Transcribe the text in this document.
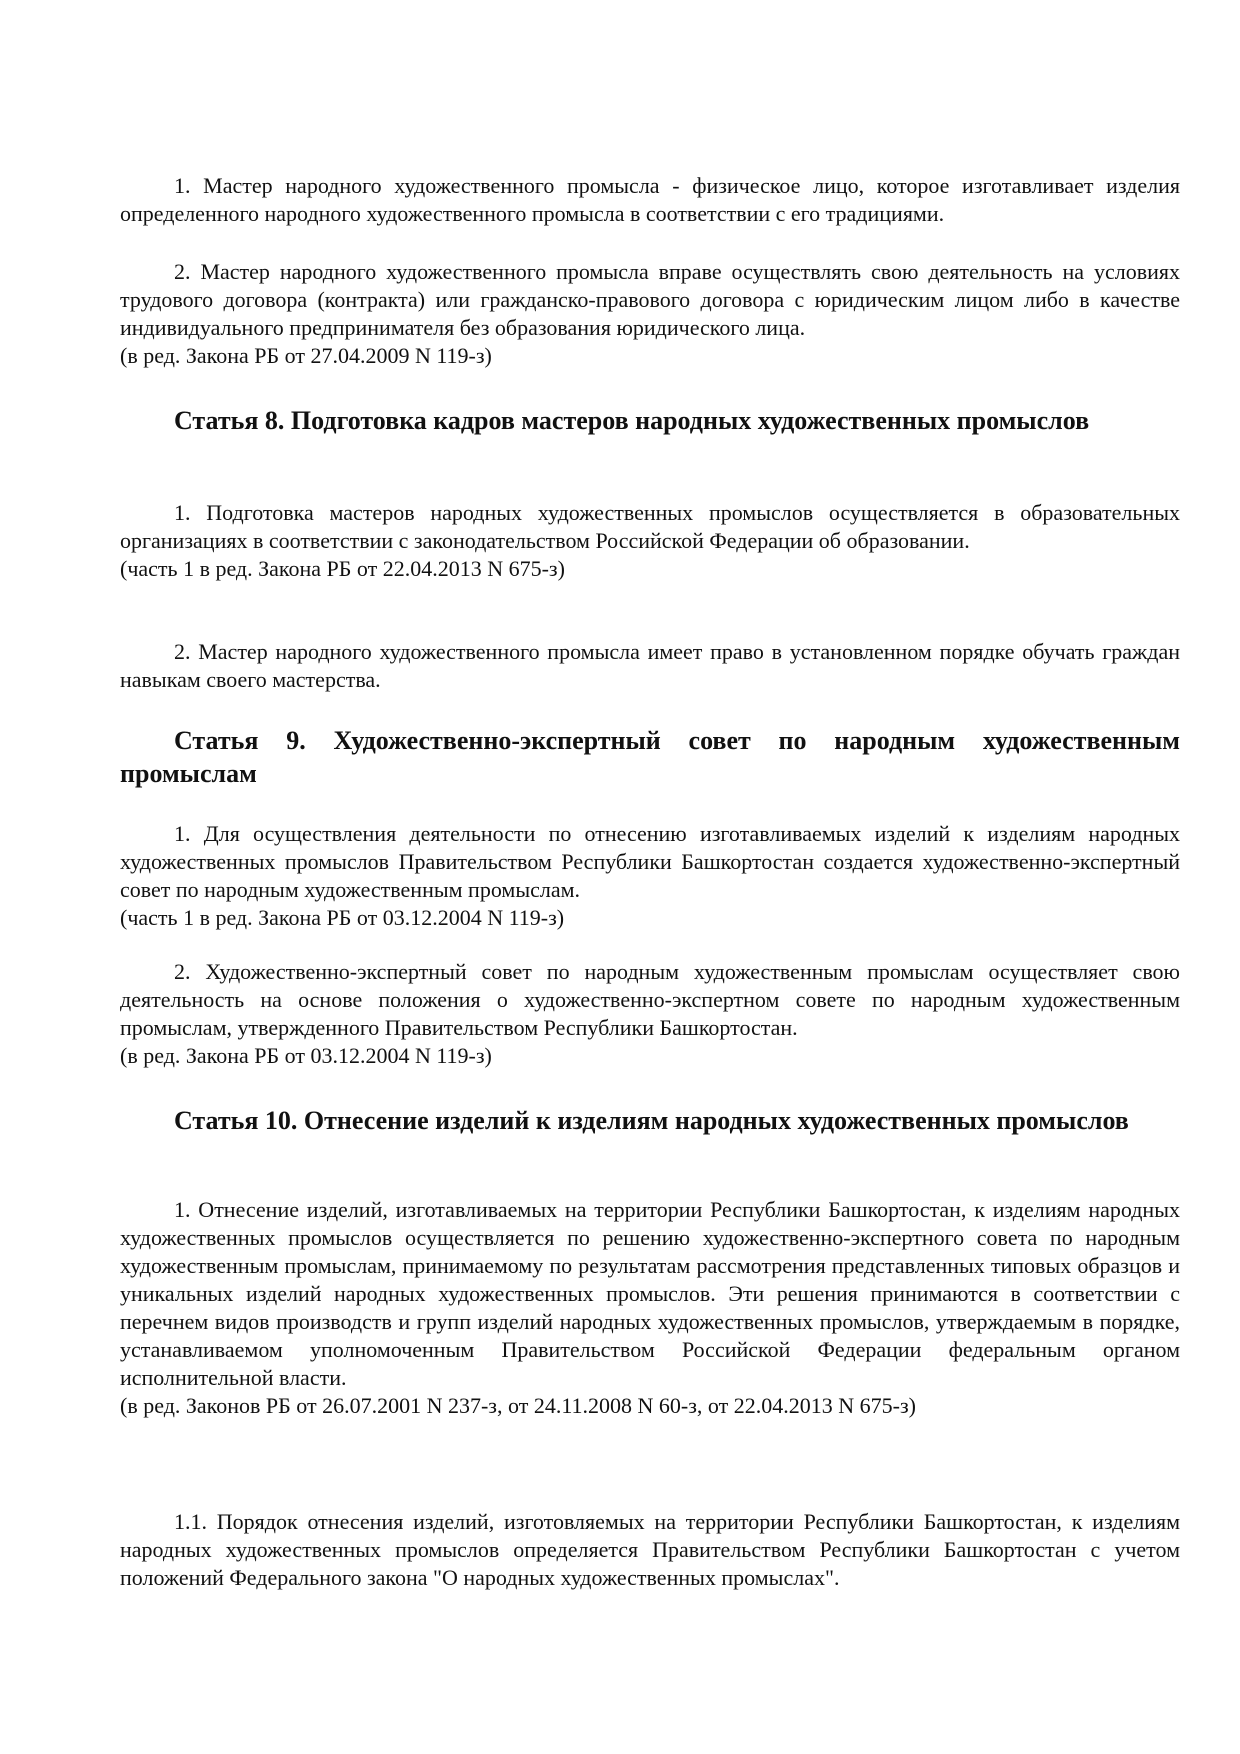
1. Мастер народного художественного промысла - физическое лицо, которое изготавливает изделия определенного народного художественного промысла в соответствии с его традициями.
2. Мастер народного художественного промысла вправе осуществлять свою деятельность на условиях трудового договора (контракта) или гражданско-правового договора с юридическим лицом либо в качестве индивидуального предпринимателя без образования юридического лица.
(в ред. Закона РБ от 27.04.2009 N 119-з)
Статья 8. Подготовка кадров мастеров народных художественных промыслов
1. Подготовка мастеров народных художественных промыслов осуществляется в образовательных организациях в соответствии с законодательством Российской Федерации об образовании.
(часть 1 в ред. Закона РБ от 22.04.2013 N 675-з)
2. Мастер народного художественного промысла имеет право в установленном порядке обучать граждан навыкам своего мастерства.
Статья 9. Художественно-экспертный совет по народным художественным промыслам
1. Для осуществления деятельности по отнесению изготавливаемых изделий к изделиям народных художественных промыслов Правительством Республики Башкортостан создается художественно-экспертный совет по народным художественным промыслам.
(часть 1 в ред. Закона РБ от 03.12.2004 N 119-з)
2. Художественно-экспертный совет по народным художественным промыслам осуществляет свою деятельность на основе положения о художественно-экспертном совете по народным художественным промыслам, утвержденного Правительством Республики Башкортостан.
(в ред. Закона РБ от 03.12.2004 N 119-з)
Статья 10. Отнесение изделий к изделиям народных художественных промыслов
1. Отнесение изделий, изготавливаемых на территории Республики Башкортостан, к изделиям народных художественных промыслов осуществляется по решению художественно-экспертного совета по народным художественным промыслам, принимаемому по результатам рассмотрения представленных типовых образцов и уникальных изделий народных художественных промыслов. Эти решения принимаются в соответствии с перечнем видов производств и групп изделий народных художественных промыслов, утверждаемым в порядке, устанавливаемом уполномоченным Правительством Российской Федерации федеральным органом исполнительной власти.
(в ред. Законов РБ от 26.07.2001 N 237-з, от 24.11.2008 N 60-з, от 22.04.2013 N 675-з)
1.1. Порядок отнесения изделий, изготовляемых на территории Республики Башкортостан, к изделиям народных художественных промыслов определяется Правительством Республики Башкортостан с учетом положений Федерального закона "О народных художественных промыслах".
